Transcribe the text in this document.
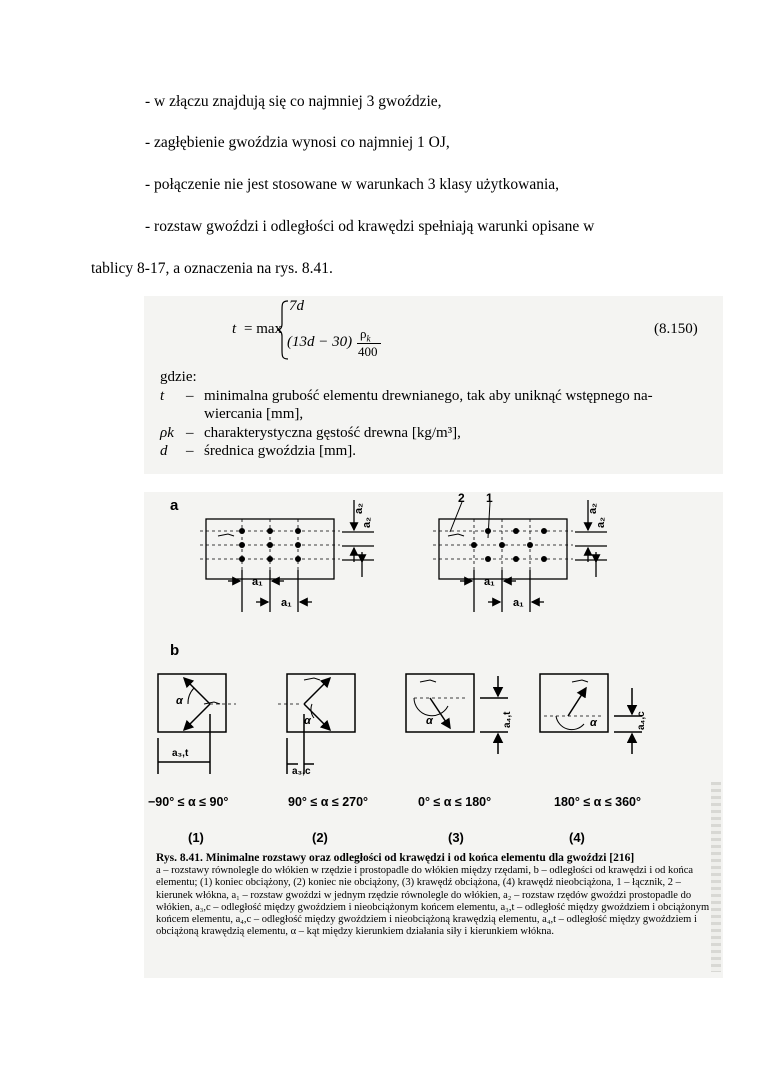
- w złączu znajdują się co najmniej 3 gwoździe,
- zagłębienie gwoździa wynosi co najmniej 1 OJ,
- połączenie nie jest stosowane w warunkach 3 klasy użytkowania,
- rozstaw gwoździ i odległości od krawędzi spełniają warunki opisane w
tablicy 8-17, a oznaczenia na rys. 8.41.
t = max
7d
(13d − 30)
$\rho_k$
400
(8.150)
gdzie:
t – minimalna grubość elementu drewnianego, tak aby uniknąć wstępnego na-
wiercania [mm],
ρk – charakterystyczna gęstość drewna [kg/m³],
d – średnica gwoździa [mm].
a
b
a₁
a₁
a₂
a₂
2 1
a₁
a₁
a₂
a₂
α
α	α	α
a₃,t
a₃,c
a₄,t	a₄,c
−90° ≤ α ≤ 90°	90° ≤ α ≤ 270°	0° ≤ α ≤ 180°	180° ≤ α ≤ 360°
(1)	(2)	(3)	(4)
Rys. 8.41. Minimalne rozstawy oraz odległości od krawędzi i od końca elementu dla gwoździ [216]
a – rozstawy równolegle do włókien w rzędzie i prostopadle do włókien między rzędami, b – odległości od krawędzi i od końca elementu; (1) koniec obciążony, (2) koniec nie obciążony, (3) krawędź obciążona, (4) krawędź nieobciążona, 1 – łącznik, 2 – kierunek włókna, a₁ – rozstaw gwoździ w jednym rzędzie równolegle do włókien, a₂ – rozstaw rzędów gwoździ prostopadle do włókien, a₃,c – odległość między gwoździem i nieobciążonym końcem elementu, a₃,t – odległość między gwoździem i obciążonym końcem elementu, a₄,c – odległość między gwoździem i nieobciążoną krawędzią elementu, a₄,t – odległość między gwoździem i obciążoną krawędzią elementu, α – kąt między kierunkiem działania siły i kierunkiem włókna.
